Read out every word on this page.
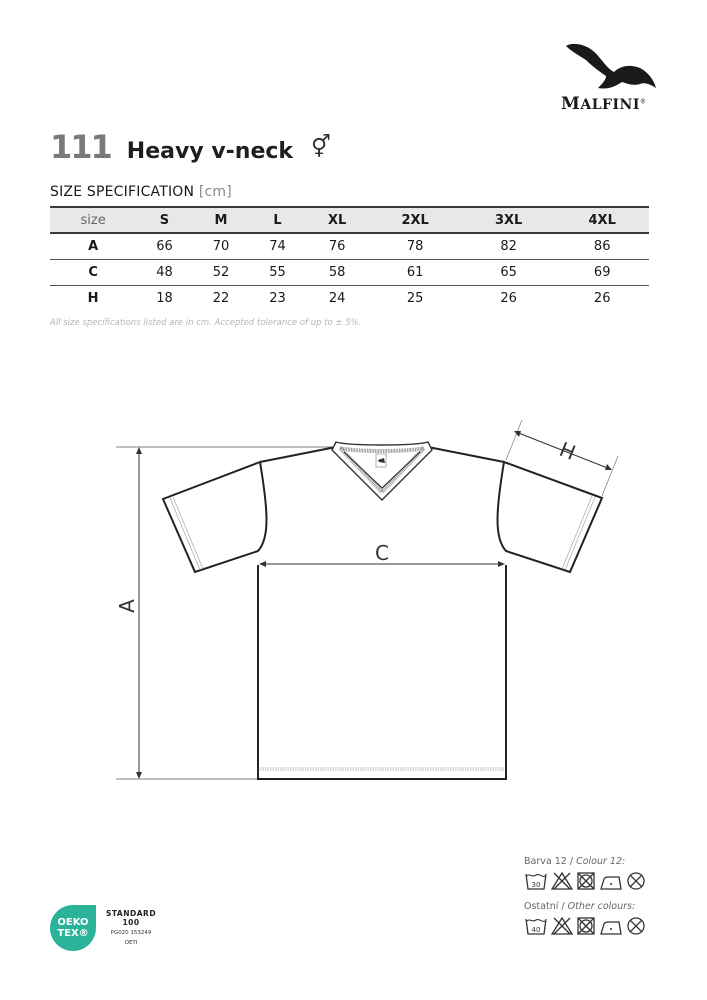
MALFINI®
111 Heavy v-neck ⚥
SIZE SPECIFICATION [cm]
size	S	M	L	XL	2XL	3XL	4XL
A	66	70	74	76	78	82	86
C	48	52	55	58	61	65	69
H	18	22	23	24	25	26	26
All size specifications listed are in cm. Accepted tolerance of up to ± 5%.
A
C
H
Barva 12 / Colour 12:
30
Ostatní / Other colours:
40
OEKO
TEX®
STANDARD
100
PG020 153249
OETI
